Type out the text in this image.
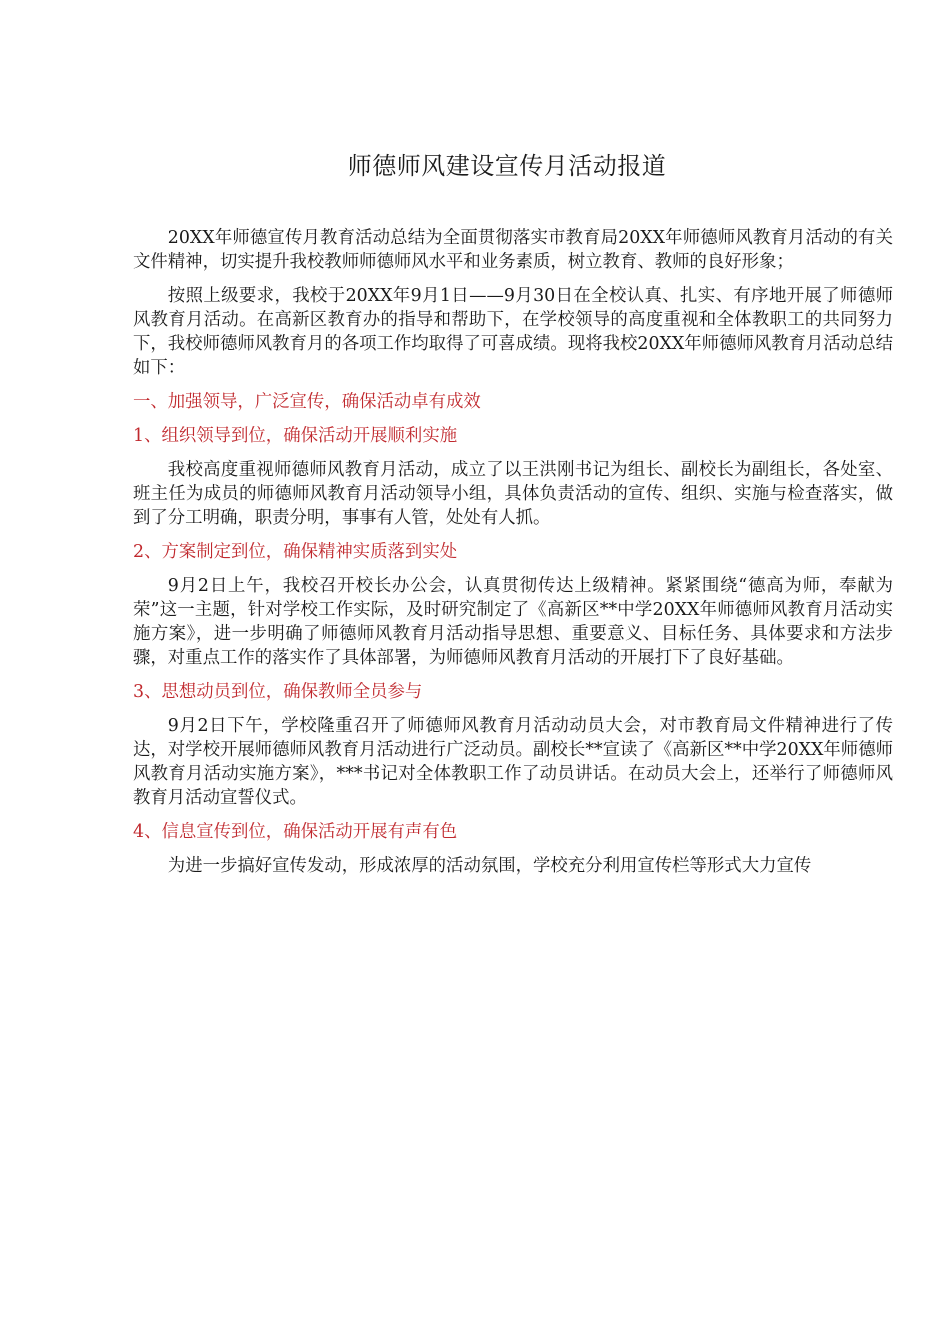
师德师风建设宣传月活动报道

20XX年师德宣传月教育活动总结为全面贯彻落实市教育局20XX年师德师风教育月活动的有关文件精神，切实提升我校教师师德师风水平和业务素质，树立教育、教师的良好形象；

按照上级要求，我校于20XX年9月1日——9月30日在全校认真、扎实、有序地开展了师德师风教育月活动。在高新区教育办的指导和帮助下，在学校领导的高度重视和全体教职工的共同努力下，我校师德师风教育月的各项工作均取得了可喜成绩。现将我校20XX年师德师风教育月活动总结如下：

一、加强领导，广泛宣传，确保活动卓有成效

1、组织领导到位，确保活动开展顺利实施

我校高度重视师德师风教育月活动，成立了以王洪刚书记为组长、副校长为副组长，各处室、班主任为成员的师德师风教育月活动领导小组，具体负责活动的宣传、组织、实施与检查落实，做到了分工明确，职责分明，事事有人管，处处有人抓。

2、方案制定到位，确保精神实质落到实处

9月2日上午，我校召开校长办公会，认真贯彻传达上级精神。紧紧围绕“德高为师，奉献为荣”这一主题，针对学校工作实际，及时研究制定了《高新区**中学20XX年师德师风教育月活动实施方案》，进一步明确了师德师风教育月活动指导思想、重要意义、目标任务、具体要求和方法步骤，对重点工作的落实作了具体部署，为师德师风教育月活动的开展打下了良好基础。

3、思想动员到位，确保教师全员参与

9月2日下午，学校隆重召开了师德师风教育月活动动员大会，对市教育局文件精神进行了传达，对学校开展师德师风教育月活动进行广泛动员。副校长**宣读了《高新区**中学20XX年师德师风教育月活动实施方案》，***书记对全体教职工作了动员讲话。在动员大会上，还举行了师德师风教育月活动宣誓仪式。

4、信息宣传到位，确保活动开展有声有色

为进一步搞好宣传发动，形成浓厚的活动氛围，学校充分利用宣传栏等形式大力宣传
